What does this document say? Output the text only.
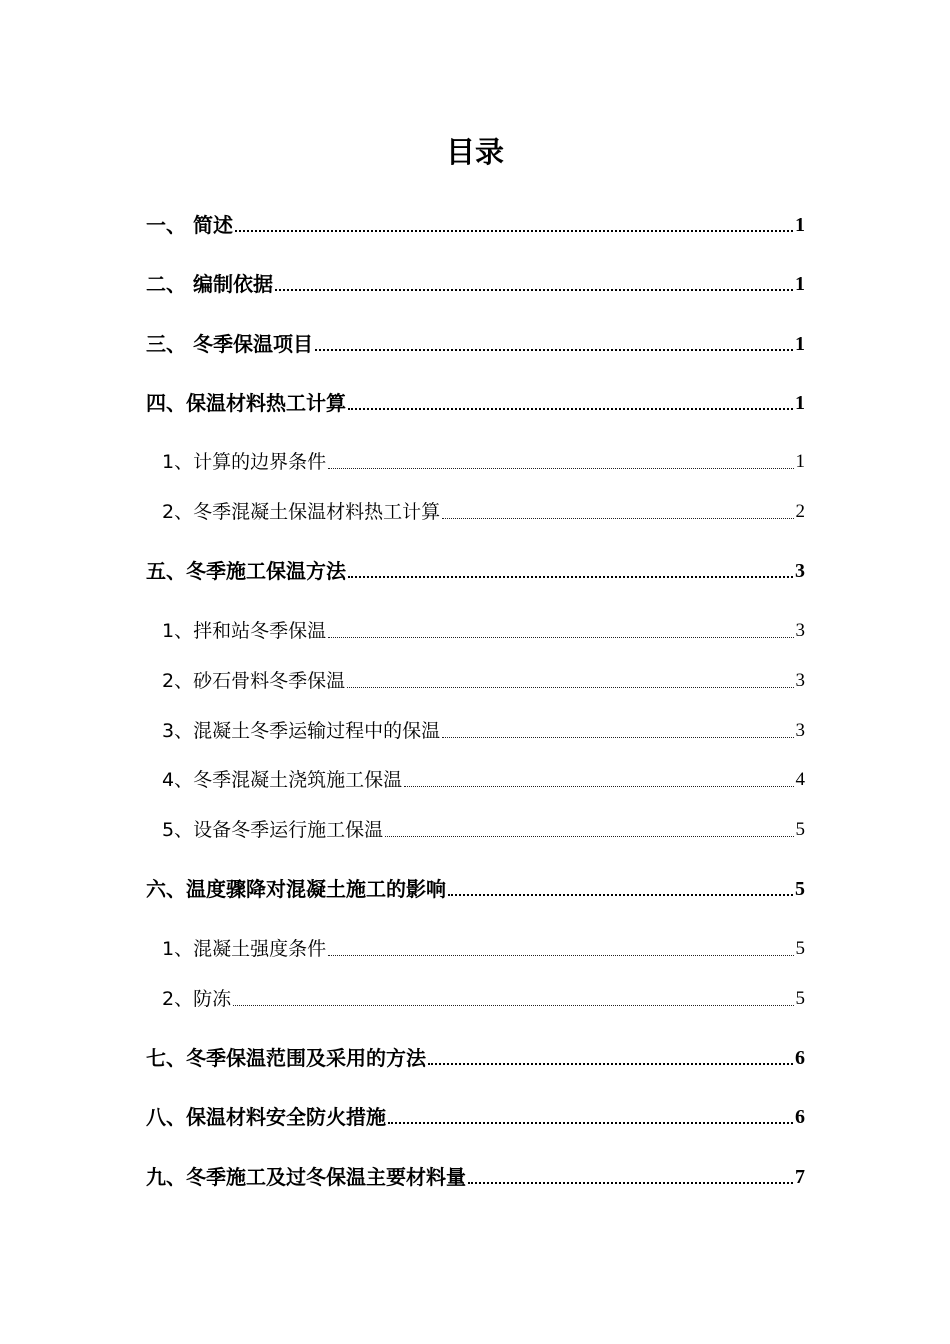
目录
一、 简述	1
二、 编制依据	1
三、 冬季保温项目	1
四、保温材料热工计算	1
1、计算的边界条件	1
2、冬季混凝土保温材料热工计算	2
五、冬季施工保温方法	3
1、拌和站冬季保温	3
2、砂石骨料冬季保温	3
3、混凝土冬季运输过程中的保温	3
4、冬季混凝土浇筑施工保温	4
5、设备冬季运行施工保温	5
六、温度骤降对混凝土施工的影响	5
1、混凝土强度条件	5
2、防冻	5
七、冬季保温范围及采用的方法	6
八、保温材料安全防火措施	6
九、冬季施工及过冬保温主要材料量	7
